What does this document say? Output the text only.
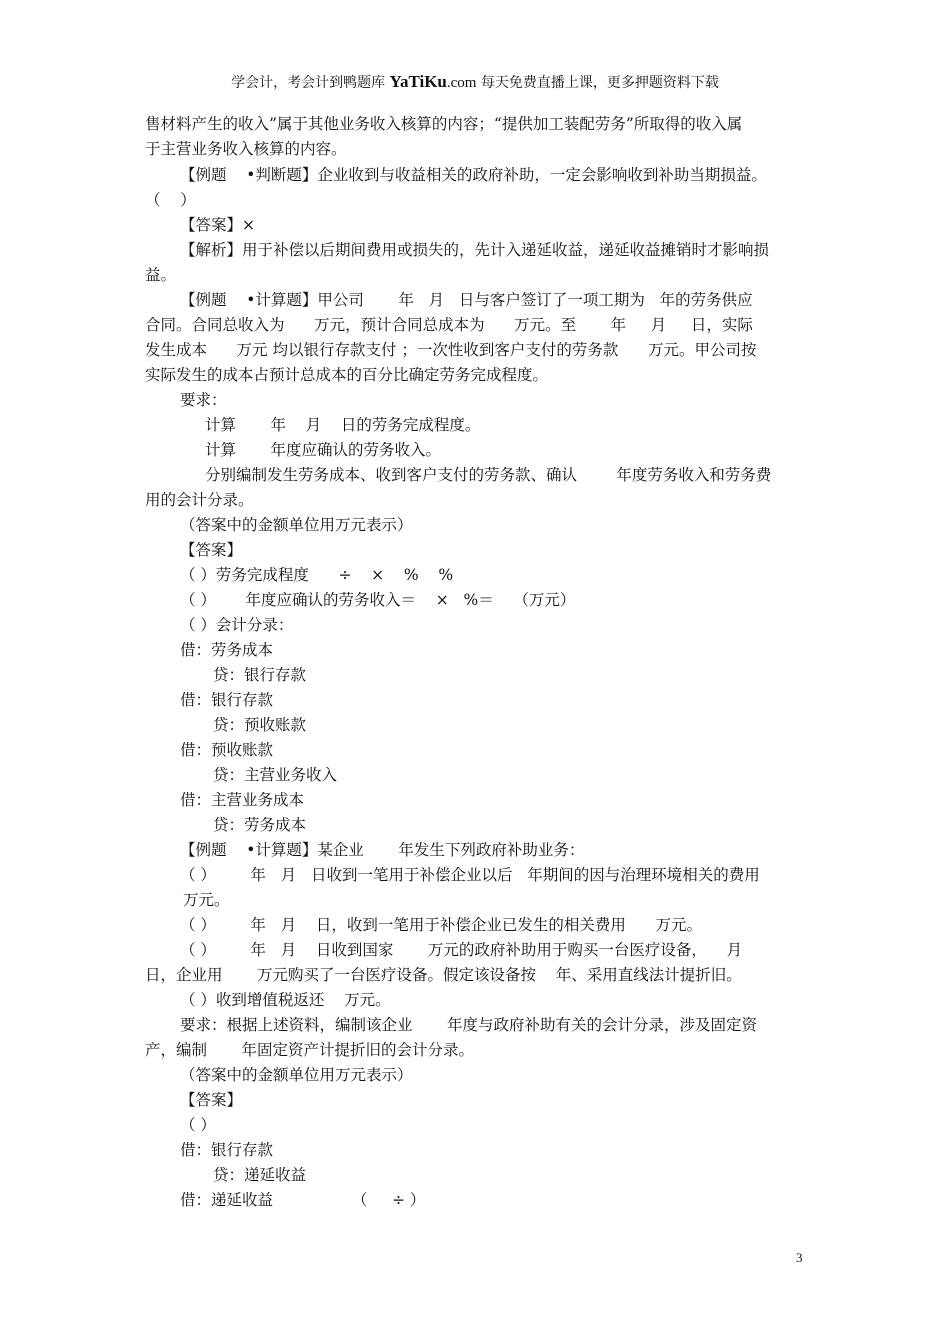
学会计，考会计到鸭题库 YaTiKu.com 每天免费直播上课，更多押题资料下载
售材料产生的收入”属于其他业务收入核算的内容；“提供加工装配劳务”所取得的收入属
于主营业务收入核算的内容。
【例题    •判断题】企业收到与收益相关的政府补助，一定会影响收到补助当期损益。
（    ）
【答案】×
【解析】用于补偿以后期间费用或损失的，先计入递延收益，递延收益摊销时才影响损
益。
【例题    •计算题】甲公司       年   月   日与客户签订了一项工期为   年的劳务供应
合同。合同总收入为      万元，预计合同总成本为      万元。至       年     月     日，实际
发生成本      万元 均以银行存款支付 ；一次性收到客户支付的劳务款      万元。甲公司按
实际发生的成本占预计总成本的百分比确定劳务完成程度。
要求：
计算       年    月    日的劳务完成程度。
计算       年度应确认的劳务收入。
分别编制发生劳务成本、收到客户支付的劳务款、确认        年度劳务收入和劳务费
用的会计分录。
（答案中的金额单位用万元表示）
【答案】
（ ）劳务完成程度      ÷    ×    %    %
（ ）      年度应确认的劳务收入＝    ×   %＝    （万元）
（ ）会计分录：
借：劳务成本
贷：银行存款
借：银行存款
贷：预收账款
借：预收账款
贷：主营业务收入
借：主营业务成本
贷：劳务成本
【例题    •计算题】某企业       年发生下列政府补助业务：
（ ）       年   月   日收到一笔用于补偿企业以后   年期间的因与治理环境相关的费用
万元。
（ ）       年   月    日，收到一笔用于补偿企业已发生的相关费用      万元。
（ ）       年   月    日收到国家       万元的政府补助用于购买一台医疗设备，    月
日，企业用       万元购买了一台医疗设备。假定该设备按    年、采用直线法计提折旧。
（ ）收到增值税返还    万元。
要求：根据上述资料，编制该企业       年度与政府补助有关的会计分录，涉及固定资
产，编制       年固定资产计提折旧的会计分录。
（答案中的金额单位用万元表示）
【答案】
（ ）
借：银行存款
贷：递延收益
借：递延收益                （     ÷ ）
3
